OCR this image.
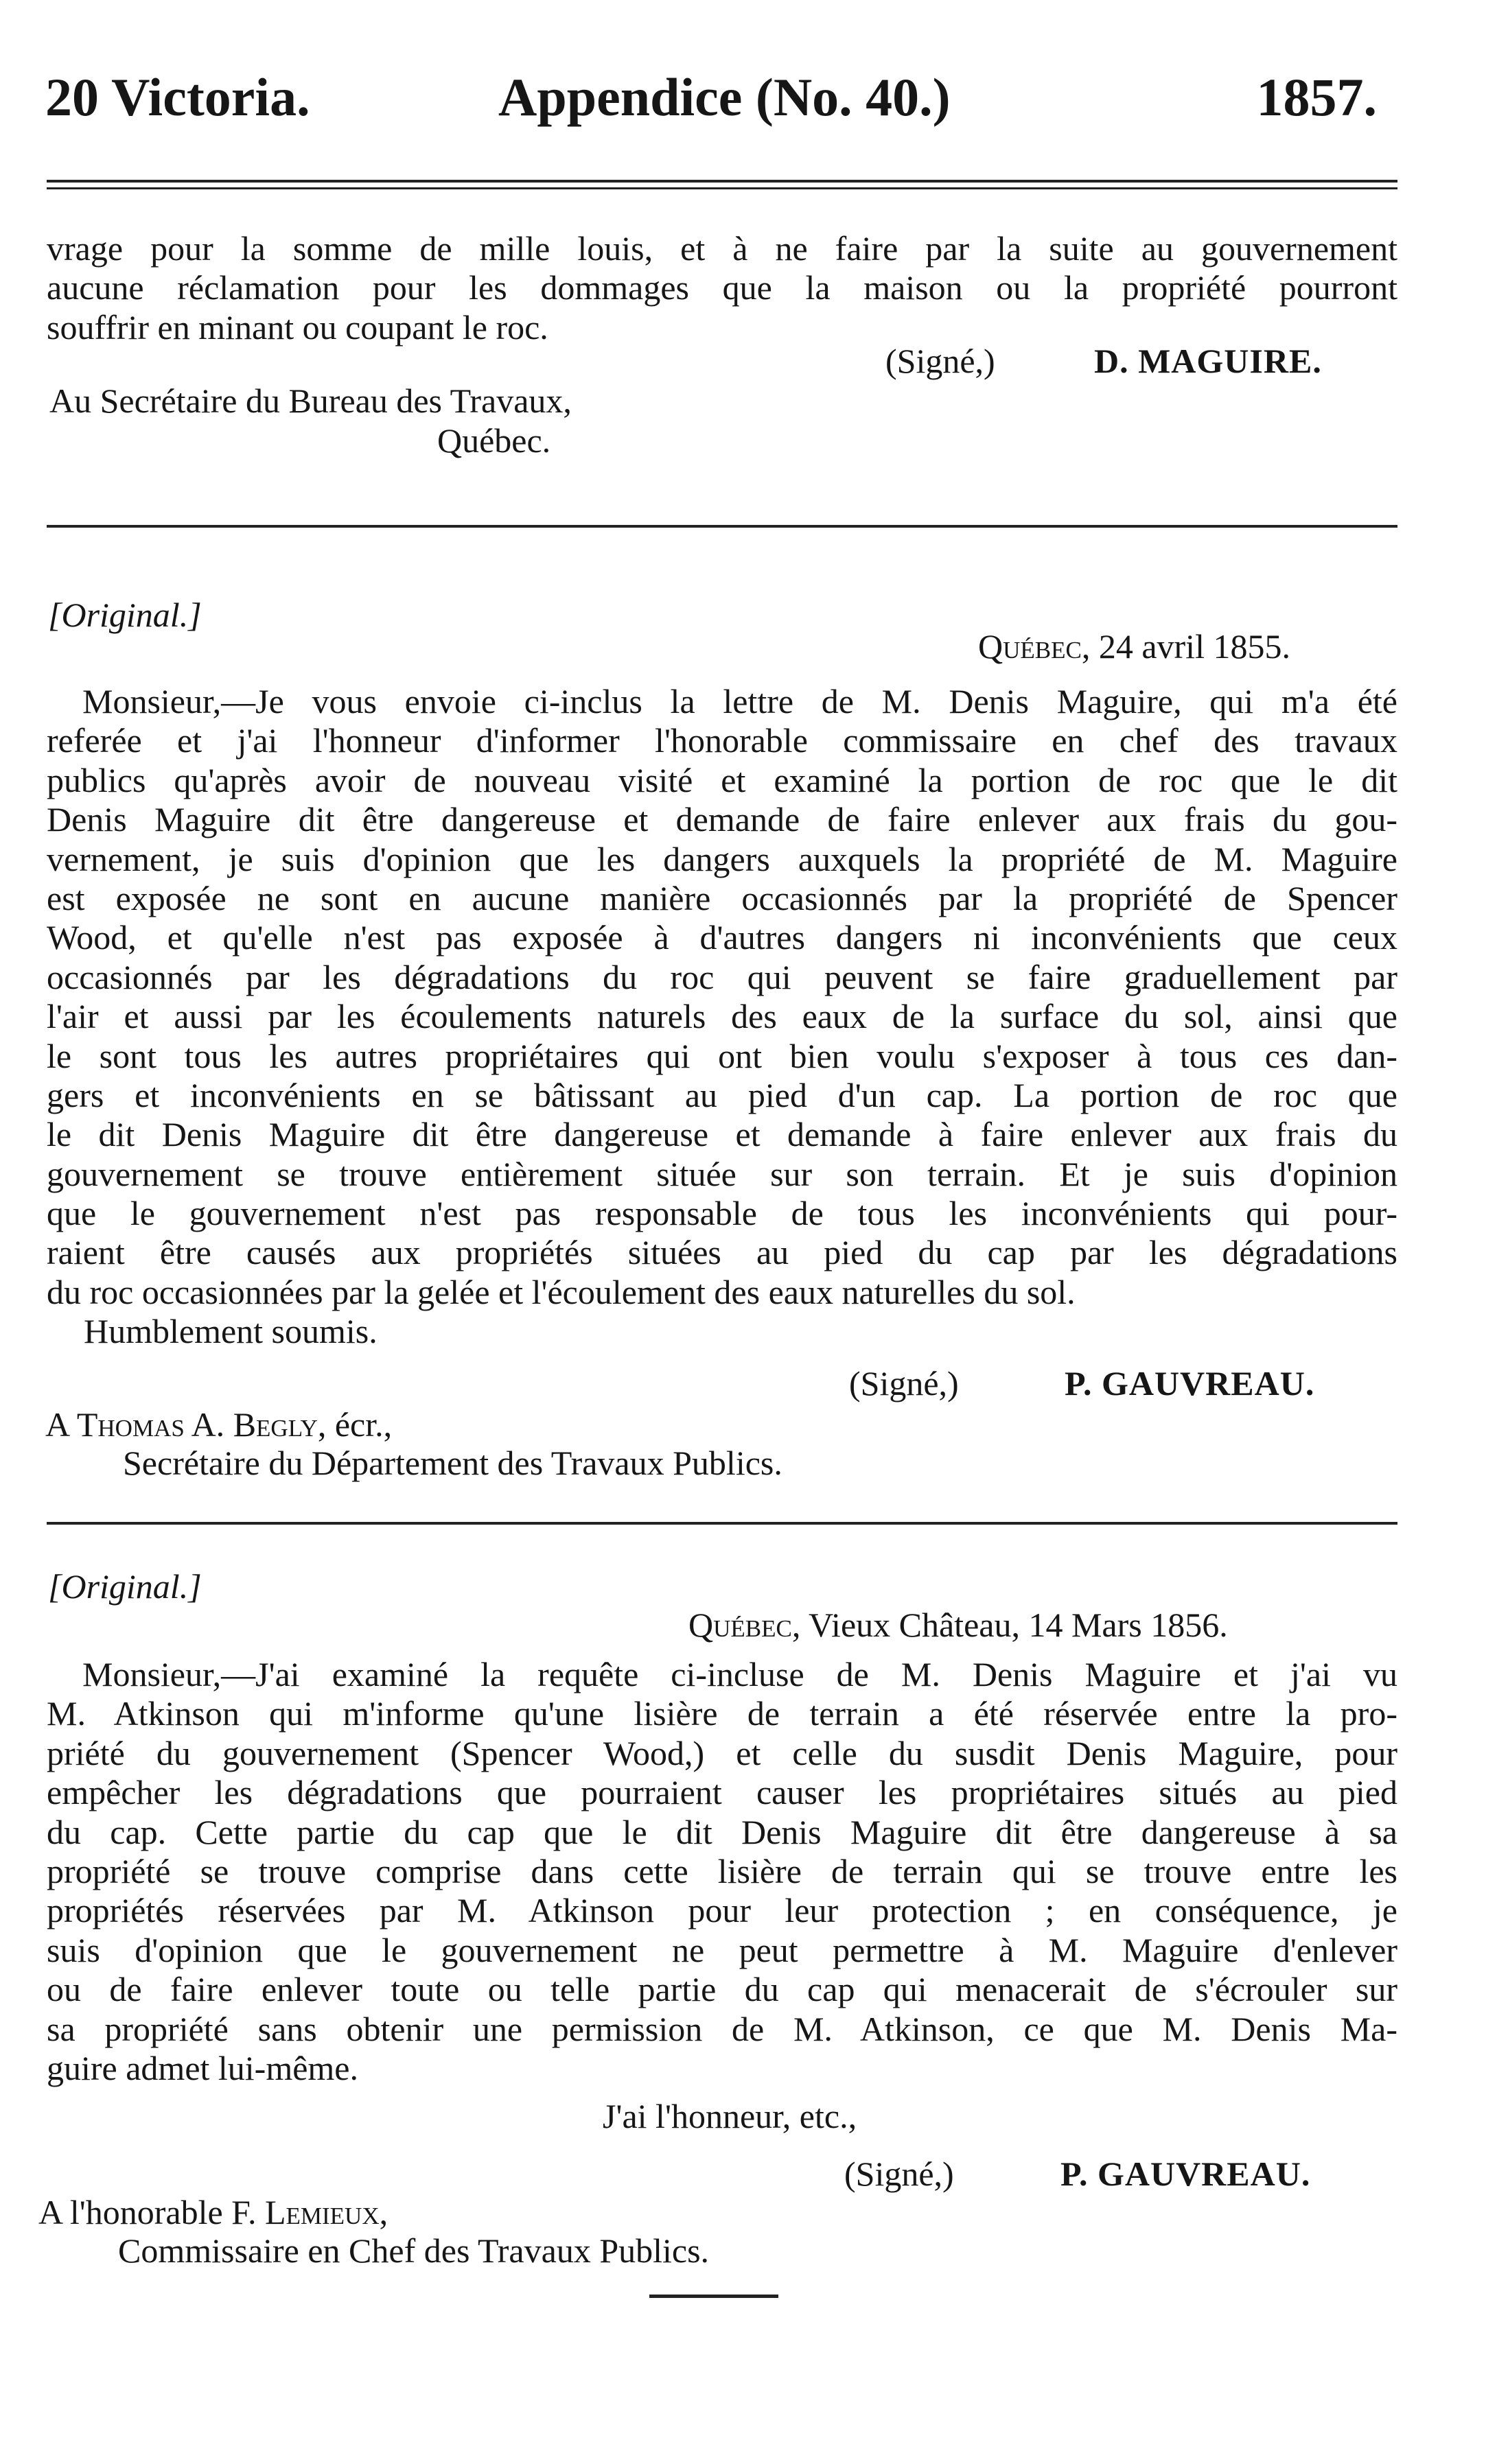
20 Victoria.	Appendice (No. 40.)	1857.
vrage pour la somme de mille louis, et à ne faire par la suite au gouvernement
aucune réclamation pour les dommages que la maison ou la propriété pourront
souffrir en minant ou coupant le roc.
(Signé,)	D. MAGUIRE.
Au Secrétaire du Bureau des Travaux,
Québec.
[Original.]
Québec, 24 avril 1855.
Monsieur,—Je vous envoie ci-inclus la lettre de M. Denis Maguire, qui m'a été
referée et j'ai l'honneur d'informer l'honorable commissaire en chef des travaux
publics qu'après avoir de nouveau visité et examiné la portion de roc que le dit
Denis Maguire dit être dangereuse et demande de faire enlever aux frais du gou-
vernement, je suis d'opinion que les dangers auxquels la propriété de M. Maguire
est exposée ne sont en aucune manière occasionnés par la propriété de Spencer
Wood, et qu'elle n'est pas exposée à d'autres dangers ni inconvénients que ceux
occasionnés par les dégradations du roc qui peuvent se faire graduellement par
l'air et aussi par les écoulements naturels des eaux de la surface du sol, ainsi que
le sont tous les autres propriétaires qui ont bien voulu s'exposer à tous ces dan-
gers et inconvénients en se bâtissant au pied d'un cap. La portion de roc que
le dit Denis Maguire dit être dangereuse et demande à faire enlever aux frais du
gouvernement se trouve entièrement située sur son terrain. Et je suis d'opinion
que le gouvernement n'est pas responsable de tous les inconvénients qui pour-
raient être causés aux propriétés situées au pied du cap par les dégradations
du roc occasionnées par la gelée et l'écoulement des eaux naturelles du sol.
Humblement soumis.
(Signé,)	P. GAUVREAU.
A Thomas A. Begly, écr.,
Secrétaire du Département des Travaux Publics.
[Original.]
Québec, Vieux Château, 14 Mars 1856.
Monsieur,—J'ai examiné la requête ci-incluse de M. Denis Maguire et j'ai vu
M. Atkinson qui m'informe qu'une lisière de terrain a été réservée entre la pro-
priété du gouvernement (Spencer Wood,) et celle du susdit Denis Maguire, pour
empêcher les dégradations que pourraient causer les propriétaires situés au pied
du cap. Cette partie du cap que le dit Denis Maguire dit être dangereuse à sa
propriété se trouve comprise dans cette lisière de terrain qui se trouve entre les
propriétés réservées par M. Atkinson pour leur protection ; en conséquence, je
suis d'opinion que le gouvernement ne peut permettre à M. Maguire d'enlever
ou de faire enlever toute ou telle partie du cap qui menacerait de s'écrouler sur
sa propriété sans obtenir une permission de M. Atkinson, ce que M. Denis Ma-
guire admet lui-même.
J'ai l'honneur, etc.,
(Signé,)	P. GAUVREAU.
A l'honorable F. Lemieux,
Commissaire en Chef des Travaux Publics.
